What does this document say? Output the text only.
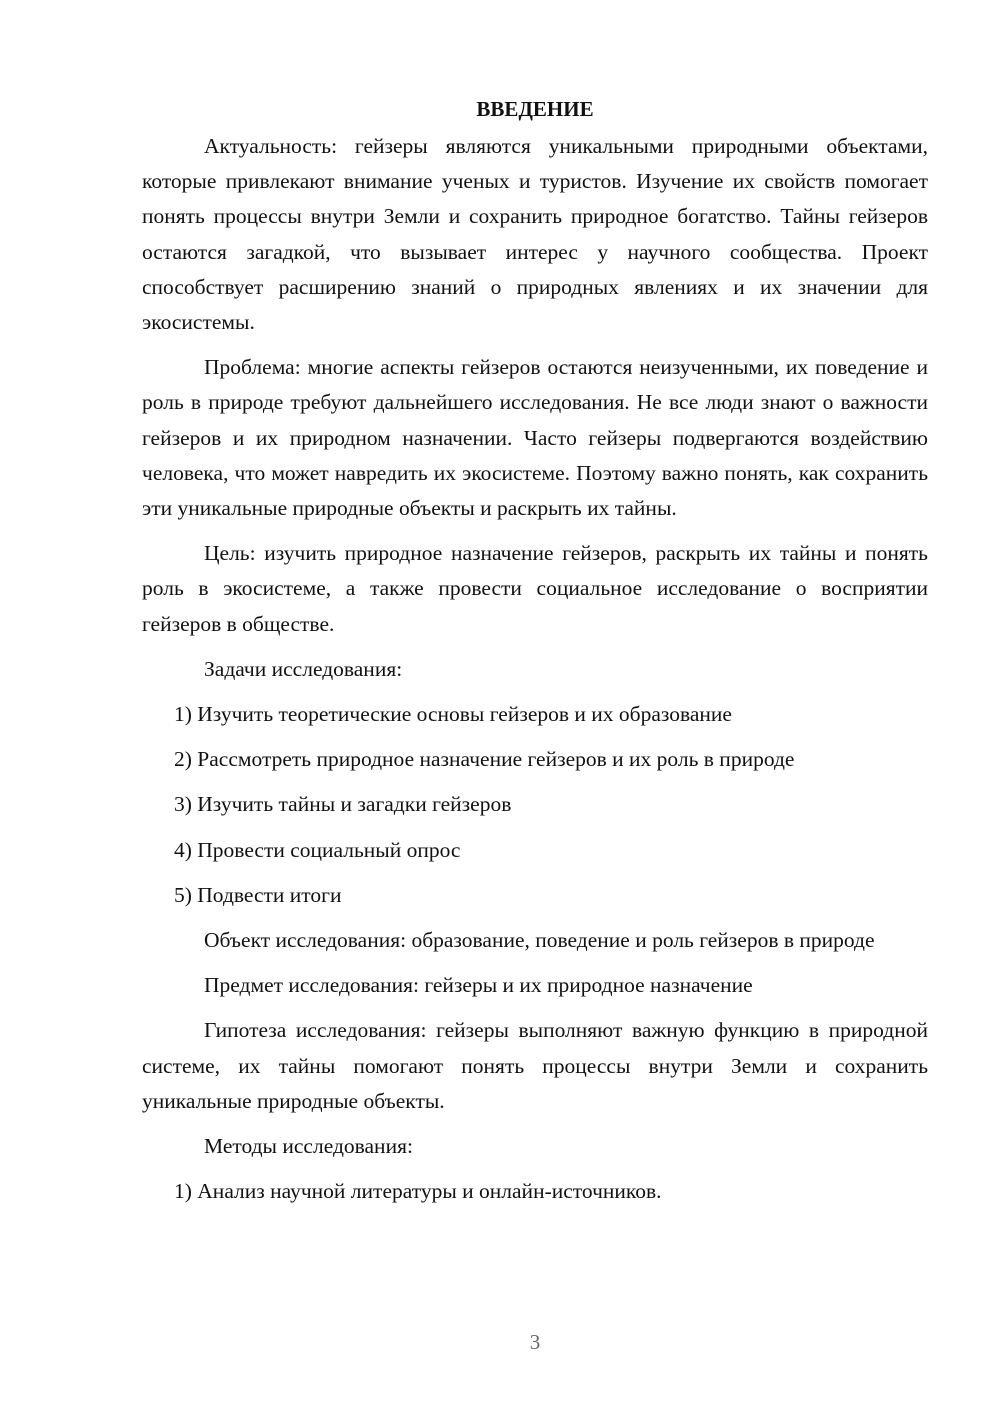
ВВЕДЕНИЕ
Актуальность: гейзеры являются уникальными природными объектами, которые привлекают внимание ученых и туристов. Изучение их свойств помогает понять процессы внутри Земли и сохранить природное богатство. Тайны гейзеров остаются загадкой, что вызывает интерес у научного сообщества. Проект способствует расширению знаний о природных явлениях и их значении для экосистемы.
Проблема: многие аспекты гейзеров остаются неизученными, их поведение и роль в природе требуют дальнейшего исследования. Не все люди знают о важности гейзеров и их природном назначении. Часто гейзеры подвергаются воздействию человека, что может навредить их экосистеме. Поэтому важно понять, как сохранить эти уникальные природные объекты и раскрыть их тайны.
Цель: изучить природное назначение гейзеров, раскрыть их тайны и понять роль в экосистеме, а также провести социальное исследование о восприятии гейзеров в обществе.
Задачи исследования:
1) Изучить теоретические основы гейзеров и их образование
2) Рассмотреть природное назначение гейзеров и их роль в природе
3) Изучить тайны и загадки гейзеров
4) Провести социальный опрос
5) Подвести итоги
Объект исследования: образование, поведение и роль гейзеров в природе
Предмет исследования: гейзеры и их природное назначение
Гипотеза исследования: гейзеры выполняют важную функцию в природной системе, их тайны помогают понять процессы внутри Земли и сохранить уникальные природные объекты.
Методы исследования:
1) Анализ научной литературы и онлайн-источников.
3
